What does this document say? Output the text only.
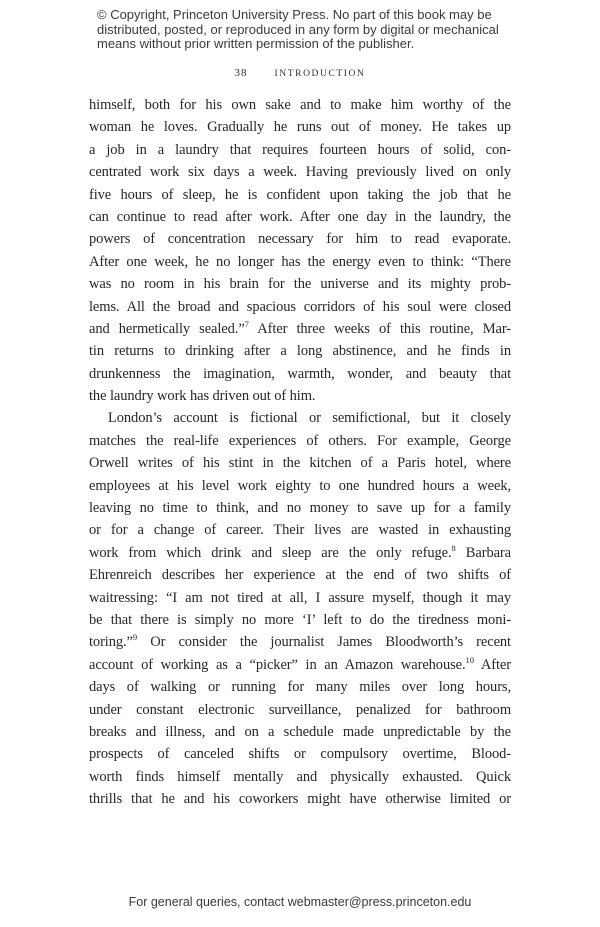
© Copyright, Princeton University Press. No part of this book may be
distributed, posted, or reproduced in any form by digital or mechanical
means without prior written permission of the publisher.
38	INTRODUCTION
himself, both for his own sake and to make him worthy of the
woman he loves. Gradually he runs out of money. He takes up
a job in a laundry that requires fourteen hours of solid, con-
centrated work six days a week. Having previously lived on only
five hours of sleep, he is confident upon taking the job that he
can continue to read after work. After one day in the laundry, the
powers of concentration necessary for him to read evaporate.
After one week, he no longer has the energy even to think: “There
was no room in his brain for the universe and its mighty prob-
lems. All the broad and spacious corridors of his soul were closed
and hermetically sealed.”$^7$ After three weeks of this routine, Mar-
tin returns to drinking after a long abstinence, and he finds in
drunkenness the imagination, warmth, wonder, and beauty that
the laundry work has driven out of him.
London’s account is fictional or semifictional, but it closely
matches the real-life experiences of others. For example, George
Orwell writes of his stint in the kitchen of a Paris hotel, where
employees at his level work eighty to one hundred hours a week,
leaving no time to think, and no money to save up for a family
or for a change of career. Their lives are wasted in exhausting
work from which drink and sleep are the only refuge.$^8$ Barbara
Ehrenreich describes her experience at the end of two shifts of
waitressing: “I am not tired at all, I assure myself, though it may
be that there is simply no more ‘I’ left to do the tiredness moni-
toring.”$^9$ Or consider the journalist James Bloodworth’s recent
account of working as a “picker” in an Amazon warehouse.$^{10}$ After
days of walking or running for many miles over long hours,
under constant electronic surveillance, penalized for bathroom
breaks and illness, and on a schedule made unpredictable by the
prospects of canceled shifts or compulsory overtime, Blood-
worth finds himself mentally and physically exhausted. Quick
thrills that he and his coworkers might have otherwise limited or
For general queries, contact webmaster@press.princeton.edu
